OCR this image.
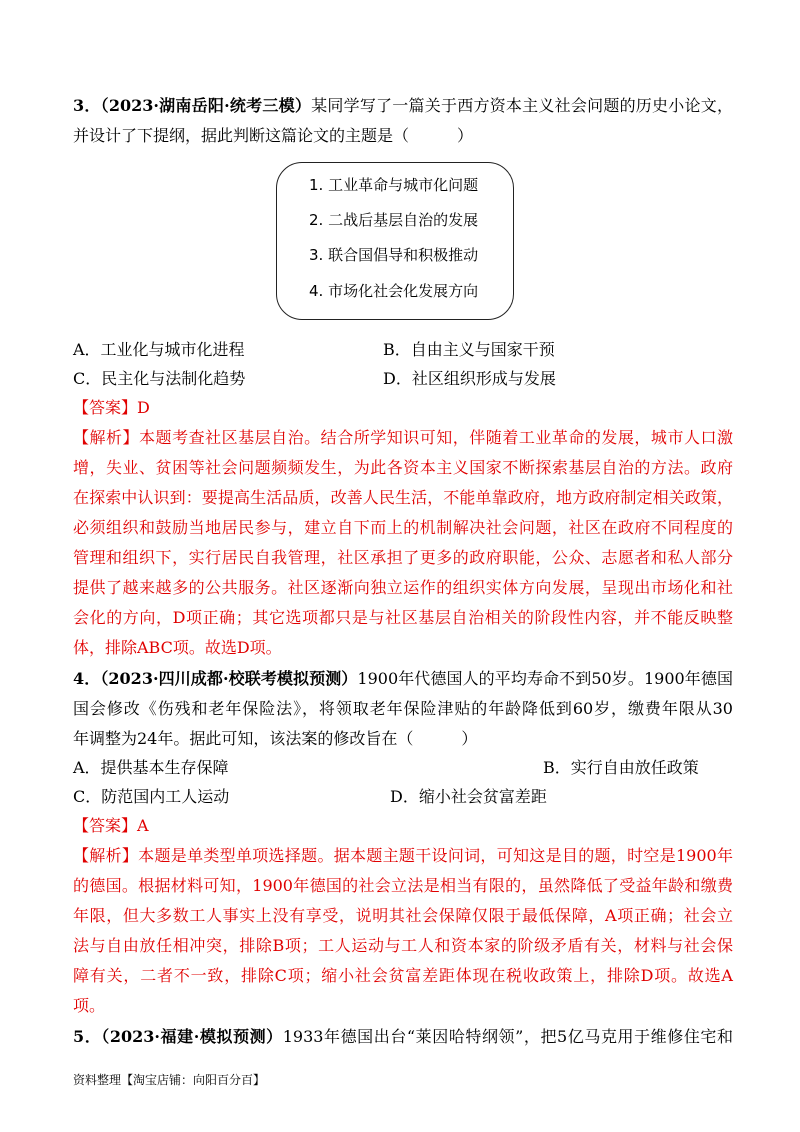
3．（2023·湖南岳阳·统考三模）某同学写了一篇关于西方资本主义社会问题的历史小论文，
并设计了下提纲，据此判断这篇论文的主题是（　　　）
1. 工业革命与城市化问题
2. 二战后基层自治的发展
3. 联合国倡导和积极推动
4. 市场化社会化发展方向
A．工业化与城市化进程	B．自由主义与国家干预
C．民主化与法制化趋势	D．社区组织形成与发展
【答案】D
【解析】本题考查社区基层自治。结合所学知识可知，伴随着工业革命的发展，城市人口激
增，失业、贫困等社会问题频频发生，为此各资本主义国家不断探索基层自治的方法。政府
在探索中认识到：要提高生活品质，改善人民生活，不能单靠政府，地方政府制定相关政策，
必须组织和鼓励当地居民参与，建立自下而上的机制解决社会问题，社区在政府不同程度的
管理和组织下，实行居民自我管理，社区承担了更多的政府职能，公众、志愿者和私人部分
提供了越来越多的公共服务。社区逐渐向独立运作的组织实体方向发展，呈现出市场化和社
会化的方向，D项正确；其它选项都只是与社区基层自治相关的阶段性内容，并不能反映整
体，排除ABC项。故选D项。
4．（2023·四川成都·校联考模拟预测）1900年代德国人的平均寿命不到50岁。1900年德国
国会修改《伤残和老年保险法》，将领取老年保险津贴的年龄降低到60岁，缴费年限从30
年调整为24年。据此可知，该法案的修改旨在（　　　）
A．提供基本生存保障	B．实行自由放任政策
C．防范国内工人运动	D．缩小社会贫富差距
【答案】A
【解析】本题是单类型单项选择题。据本题主题干设问词，可知这是目的题，时空是1900年
的德国。根据材料可知，1900年德国的社会立法是相当有限的，虽然降低了受益年龄和缴费
年限，但大多数工人事实上没有享受，说明其社会保障仅限于最低保障，A项正确；社会立
法与自由放任相冲突，排除B项；工人运动与工人和资本家的阶级矛盾有关，材料与社会保
障有关，二者不一致，排除C项；缩小社会贫富差距体现在税收政策上，排除D项。故选A
项。
5．（2023·福建·模拟预测）1933年德国出台“莱因哈特纲领”，把5亿马克用于维修住宅和
资料整理【淘宝店铺：向阳百分百】
